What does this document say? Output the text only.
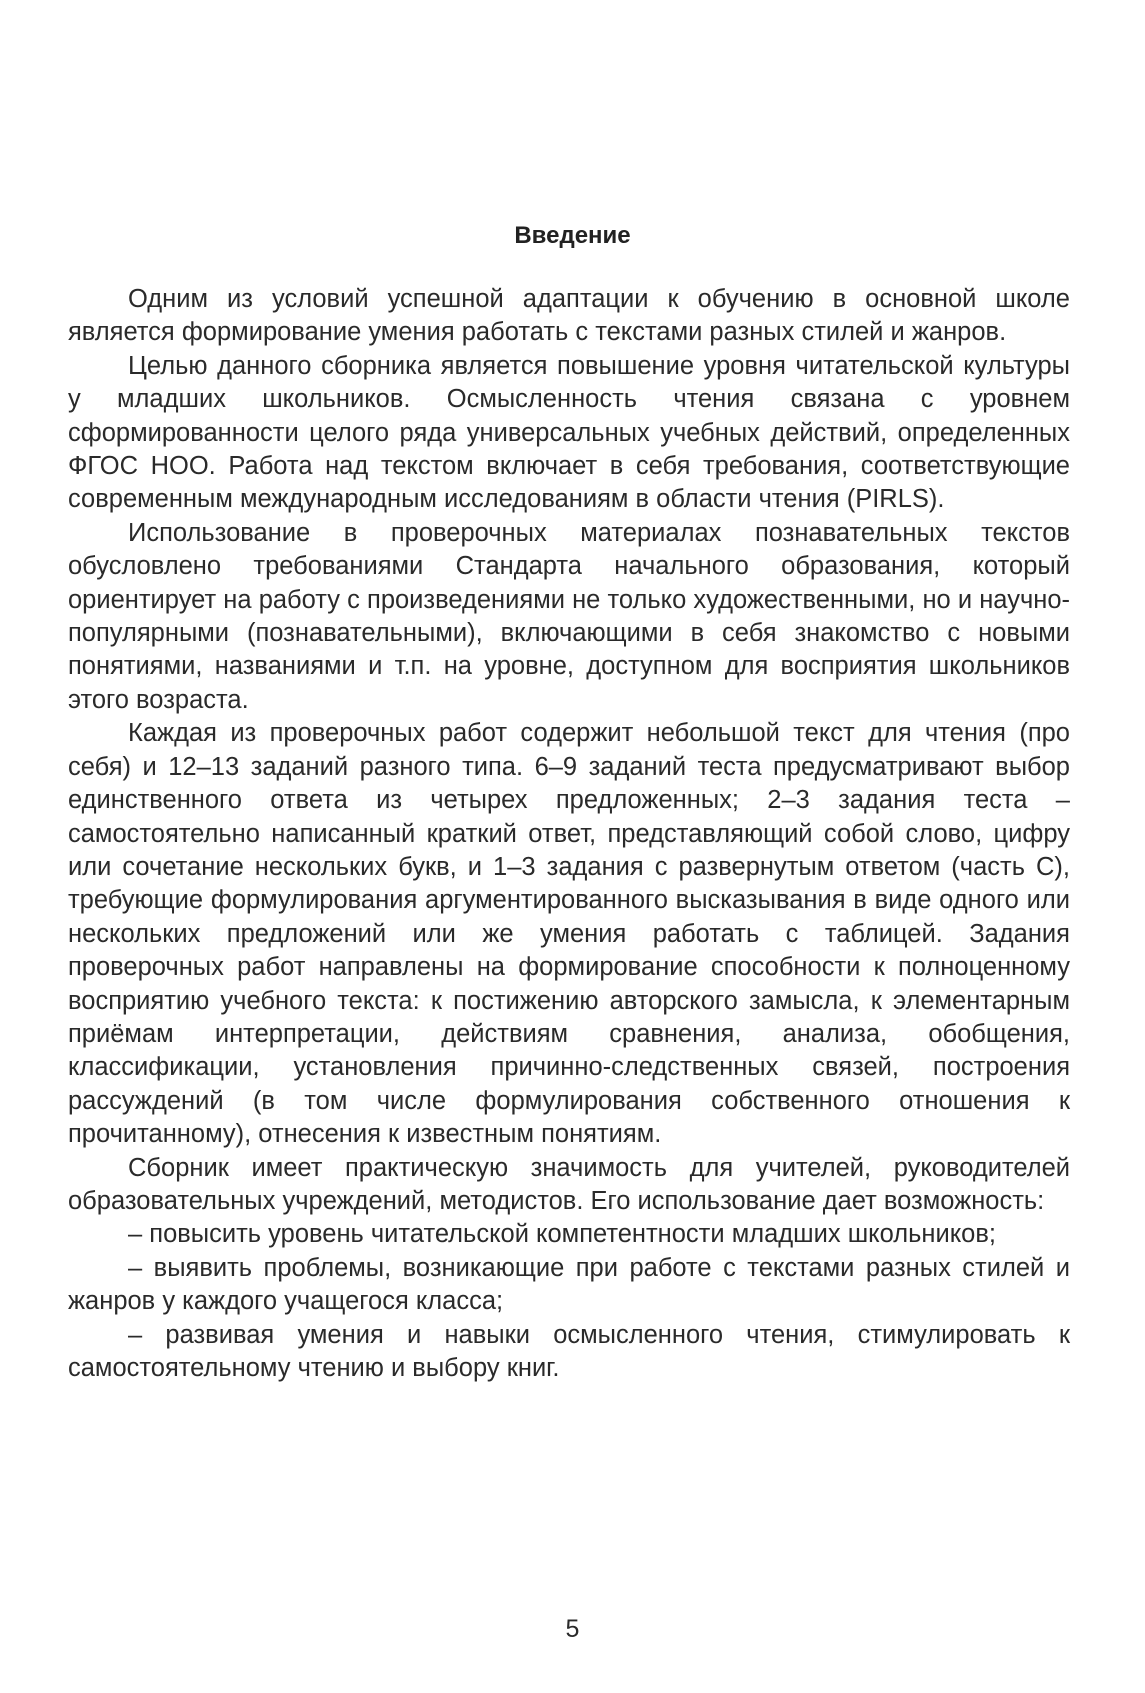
Введение

Одним из условий успешной адаптации к обучению в основной школе является формирование умения работать с текстами разных стилей и жанров.

Целью данного сборника является повышение уровня читательской культуры у младших школьников. Осмысленность чтения связана с уровнем сформированности целого ряда универсальных учебных действий, определенных ФГОС НОО. Работа над текстом включает в себя требования, соответствующие современным международным исследованиям в области чтения (PIRLS).

Использование в проверочных материалах познавательных текстов обусловлено требованиями Стандарта начального образования, который ориентирует на работу с произведениями не только художественными, но и научно-популярными (познавательными), включающими в себя знакомство с новыми понятиями, названиями и т.п. на уровне, доступном для восприятия школьников этого возраста.

Каждая из проверочных работ содержит небольшой текст для чтения (про себя) и 12–13 заданий разного типа. 6–9 заданий теста предусматривают выбор единственного ответа из четырех предложенных; 2–3 задания теста – самостоятельно написанный краткий ответ, представляющий собой слово, цифру или сочетание нескольких букв, и 1–3 задания с развернутым ответом (часть С), требующие формулирования аргументированного высказывания в виде одного или нескольких предложений или же умения работать с таблицей. Задания проверочных работ направлены на формирование способности к полноценному восприятию учебного текста: к постижению авторского замысла, к элементарным приёмам интерпретации, действиям сравнения, анализа, обобщения, классификации, установления причинно-следственных связей, построения рассуждений (в том числе формулирования собственного отношения к прочитанному), отнесения к известным понятиям.

Сборник имеет практическую значимость для учителей, руководителей образовательных учреждений, методистов. Его использование дает возможность:

– повысить уровень читательской компетентности младших школьников;

– выявить проблемы, возникающие при работе с текстами разных стилей и жанров у каждого учащегося класса;

– развивая умения и навыки осмысленного чтения, стимулировать к самостоятельному чтению и выбору книг.

5
